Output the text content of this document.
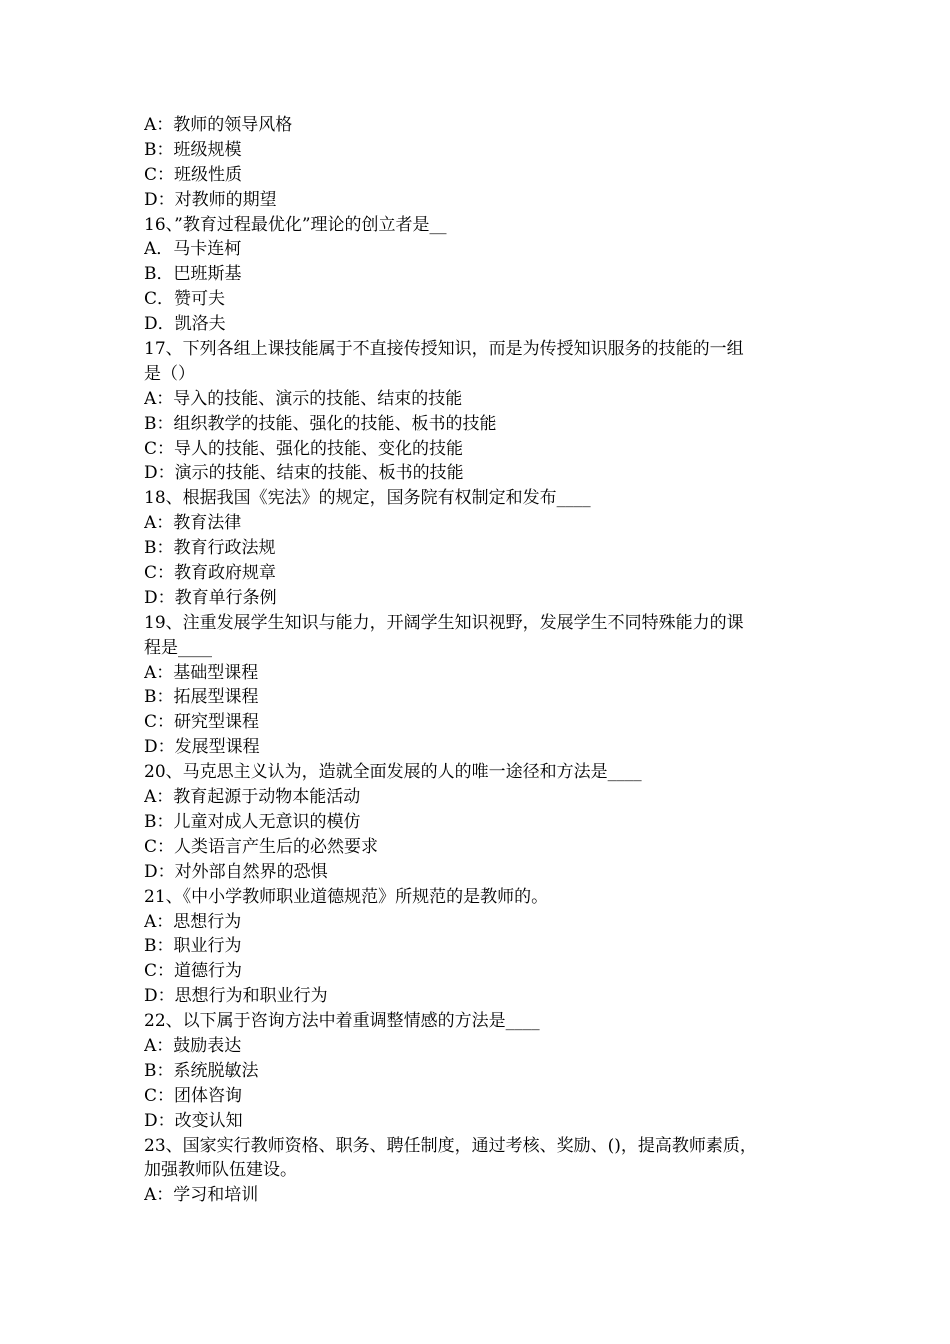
A：教师的领导风格
B：班级规模
C：班级性质
D：对教师的期望
16、”教育过程最优化”理论的创立者是__
A．马卡连柯
B．巴班斯基
C．赞可夫
D．凯洛夫
17、下列各组上课技能属于不直接传授知识，而是为传授知识服务的技能的一组
是（）
A：导入的技能、演示的技能、结束的技能
B：组织教学的技能、强化的技能、板书的技能
C：导人的技能、强化的技能、变化的技能
D：演示的技能、结束的技能、板书的技能
18、根据我国《宪法》的规定，国务院有权制定和发布____
A：教育法律
B：教育行政法规
C：教育政府规章
D：教育单行条例
19、注重发展学生知识与能力，开阔学生知识视野，发展学生不同特殊能力的课
程是____
A：基础型课程
B：拓展型课程
C：研究型课程
D：发展型课程
20、马克思主义认为，造就全面发展的人的唯一途径和方法是____
A：教育起源于动物本能活动
B：儿童对成人无意识的模仿
C：人类语言产生后的必然要求
D：对外部自然界的恐惧
21、《中小学教师职业道德规范》所规范的是教师的。
A：思想行为
B：职业行为
C：道德行为
D：思想行为和职业行为
22、以下属于咨询方法中着重调整情感的方法是____
A：鼓励表达
B：系统脱敏法
C：团体咨询
D：改变认知
23、国家实行教师资格、职务、聘任制度，通过考核、奖励、()，提高教师素质，
加强教师队伍建设。
A：学习和培训
